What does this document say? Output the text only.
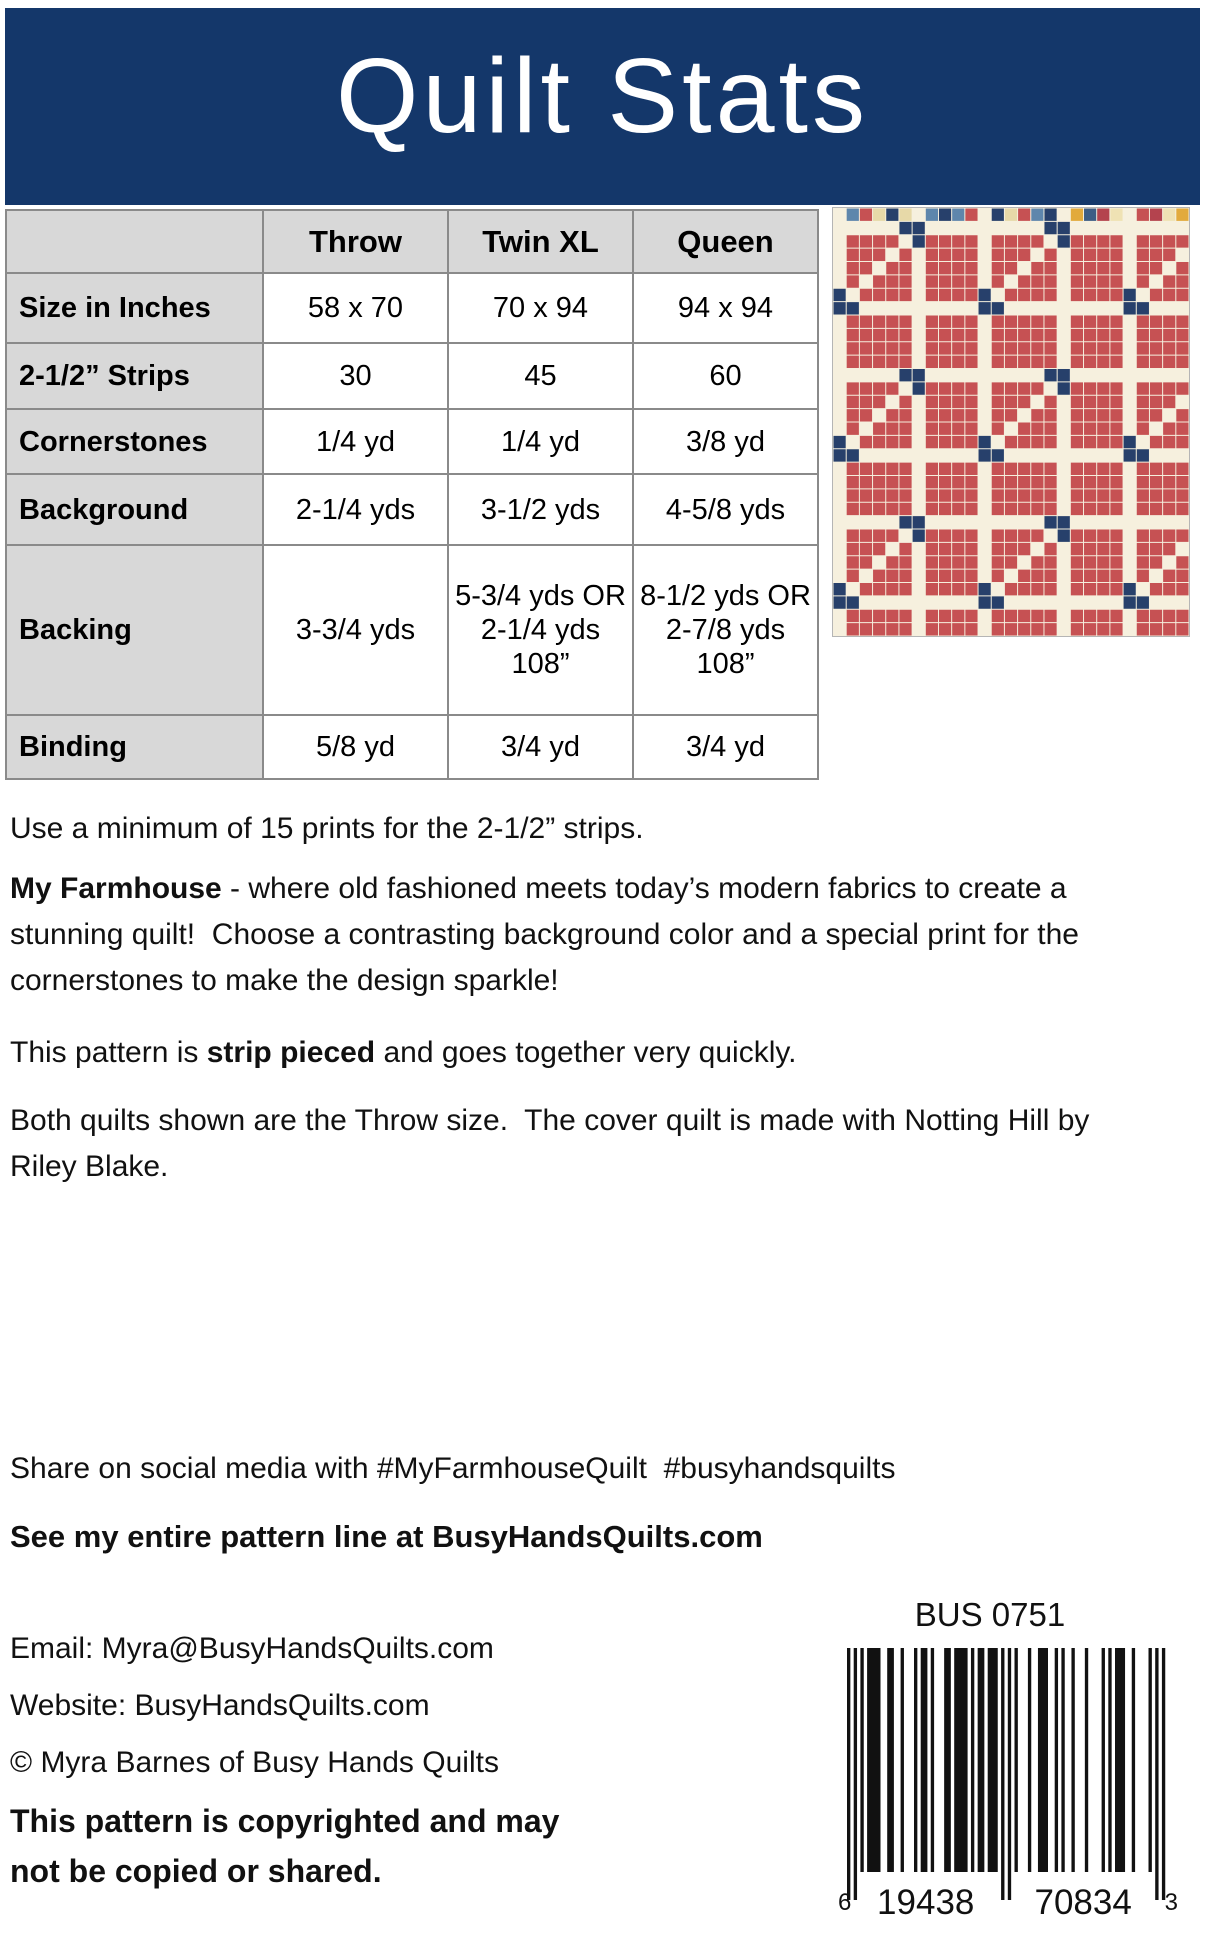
Quilt Stats
	Throw	Twin XL	Queen
Size in Inches	58 x 70	70 x 94	94 x 94
2-1/2” Strips	30	45	60
Cornerstones	1/4 yd	1/4 yd	3/8 yd
Background	2-1/4 yds	3-1/2 yds	4-5/8 yds
Backing	3-3/4 yds	5-3/4 yds OR 2-1/4 yds 108”	8-1/2 yds OR 2-7/8 yds 108”
Binding	5/8 yd	3/4 yd	3/4 yd
Use a minimum of 15 prints for the 2-1/2” strips.
My Farmhouse - where old fashioned meets today’s modern fabrics to create a stunning quilt!  Choose a contrasting background color and a special print for the cornerstones to make the design sparkle!
This pattern is strip pieced and goes together very quickly.
Both quilts shown are the Throw size.  The cover quilt is made with Notting Hill by Riley Blake.
Share on social media with #MyFarmhouseQuilt  #busyhandsquilts
See my entire pattern line at BusyHandsQuilts.com
Email: Myra@BusyHandsQuilts.com
Website: BusyHandsQuilts.com
© Myra Barnes of Busy Hands Quilts
This pattern is copyrighted and may not be copied or shared.
BUS 0751
6 19438 70834 3
